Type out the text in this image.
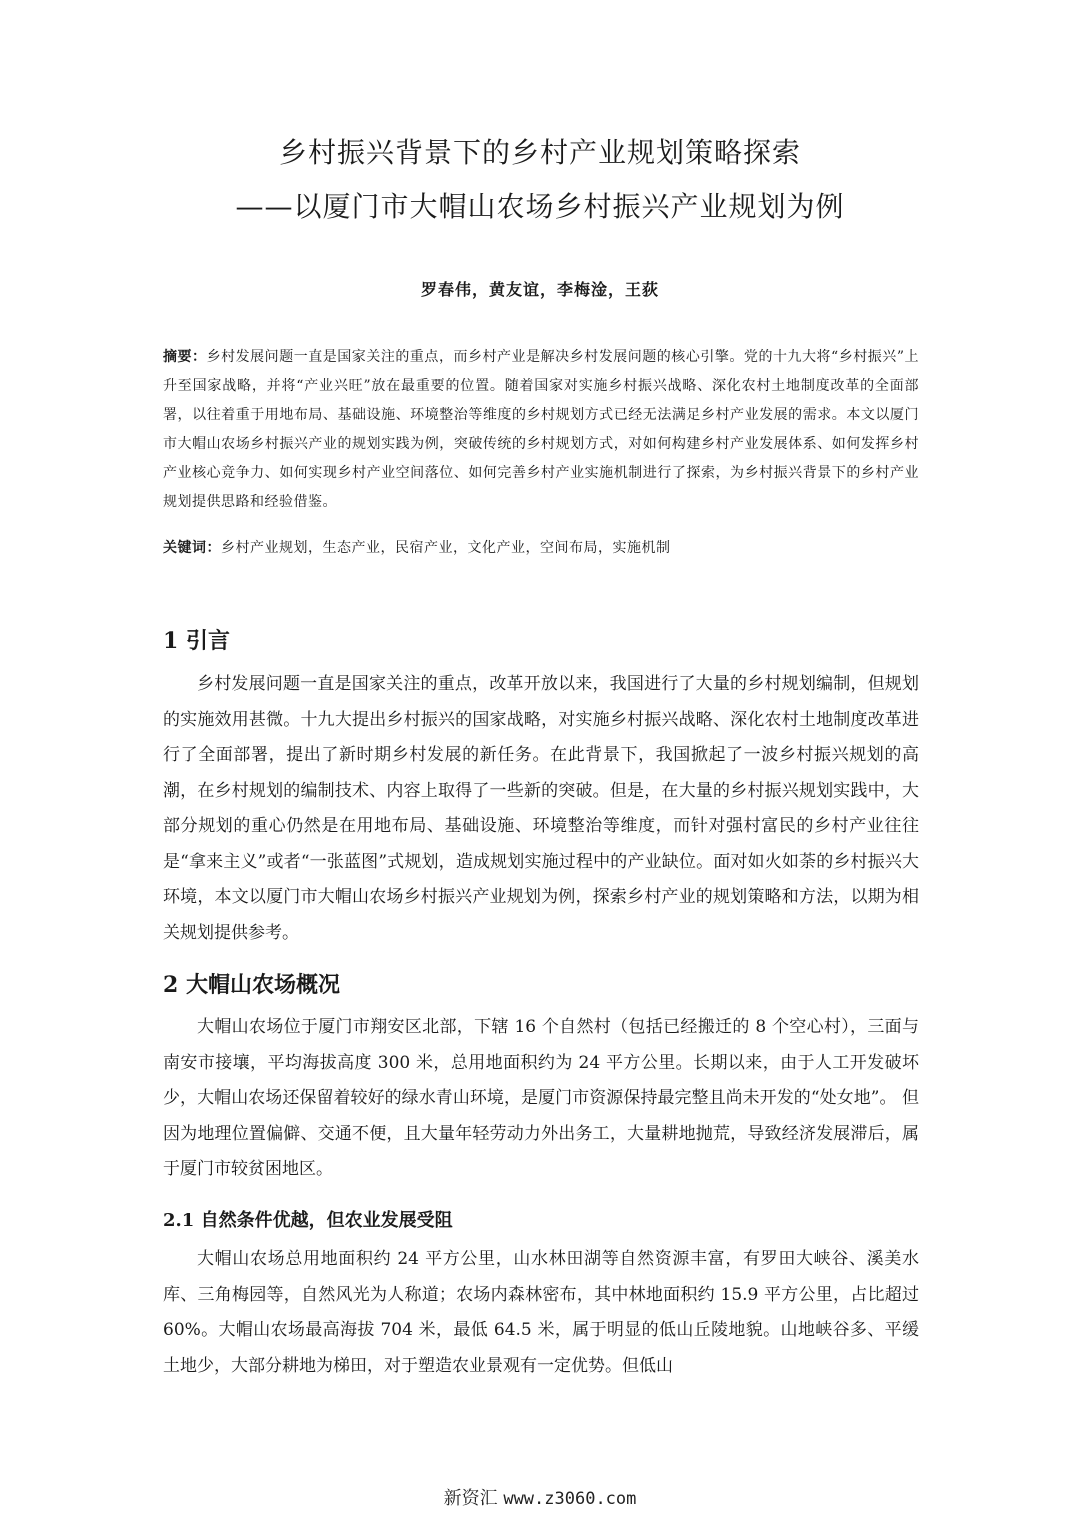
乡村振兴背景下的乡村产业规划策略探索
——以厦门市大帽山农场乡村振兴产业规划为例
罗春伟，黄友谊，李梅淦，王荻
摘要：乡村发展问题一直是国家关注的重点，而乡村产业是解决乡村发展问题的核心引擎。党的十九大将“乡村振兴”上升至国家战略，并将“产业兴旺”放在最重要的位置。随着国家对实施乡村振兴战略、深化农村土地制度改革的全面部署，以往着重于用地布局、基础设施、环境整治等维度的乡村规划方式已经无法满足乡村产业发展的需求。本文以厦门市大帽山农场乡村振兴产业的规划实践为例，突破传统的乡村规划方式，对如何构建乡村产业发展体系、如何发挥乡村产业核心竞争力、如何实现乡村产业空间落位、如何完善乡村产业实施机制进行了探索，为乡村振兴背景下的乡村产业规划提供思路和经验借鉴。
关键词：乡村产业规划，生态产业，民宿产业，文化产业，空间布局，实施机制
1 引言
乡村发展问题一直是国家关注的重点，改革开放以来，我国进行了大量的乡村规划编制，但规划的实施效用甚微。十九大提出乡村振兴的国家战略，对实施乡村振兴战略、深化农村土地制度改革进行了全面部署，提出了新时期乡村发展的新任务。在此背景下，我国掀起了一波乡村振兴规划的高潮，在乡村规划的编制技术、内容上取得了一些新的突破。但是，在大量的乡村振兴规划实践中，大部分规划的重心仍然是在用地布局、基础设施、环境整治等维度，而针对强村富民的乡村产业往往是“拿来主义”或者“一张蓝图”式规划，造成规划实施过程中的产业缺位。面对如火如荼的乡村振兴大环境，本文以厦门市大帽山农场乡村振兴产业规划为例，探索乡村产业的规划策略和方法，以期为相关规划提供参考。
2 大帽山农场概况
大帽山农场位于厦门市翔安区北部，下辖 16 个自然村（包括已经搬迁的 8 个空心村），三面与南安市接壤，平均海拔高度 300 米，总用地面积约为 24 平方公里。长期以来，由于人工开发破坏少，大帽山农场还保留着较好的绿水青山环境，是厦门市资源保持最完整且尚未开发的“处女地”。 但因为地理位置偏僻、交通不便，且大量年轻劳动力外出务工，大量耕地抛荒，导致经济发展滞后，属于厦门市较贫困地区。
2.1 自然条件优越，但农业发展受阻
大帽山农场总用地面积约 24 平方公里，山水林田湖等自然资源丰富，有罗田大峡谷、溪美水库、三角梅园等，自然风光为人称道；农场内森林密布，其中林地面积约 15.9 平方公里，占比超过 60%。大帽山农场最高海拔 704 米，最低 64.5 米，属于明显的低山丘陵地貌。山地峡谷多、平缓土地少，大部分耕地为梯田，对于塑造农业景观有一定优势。但低山
新资汇 www.z3060.com
